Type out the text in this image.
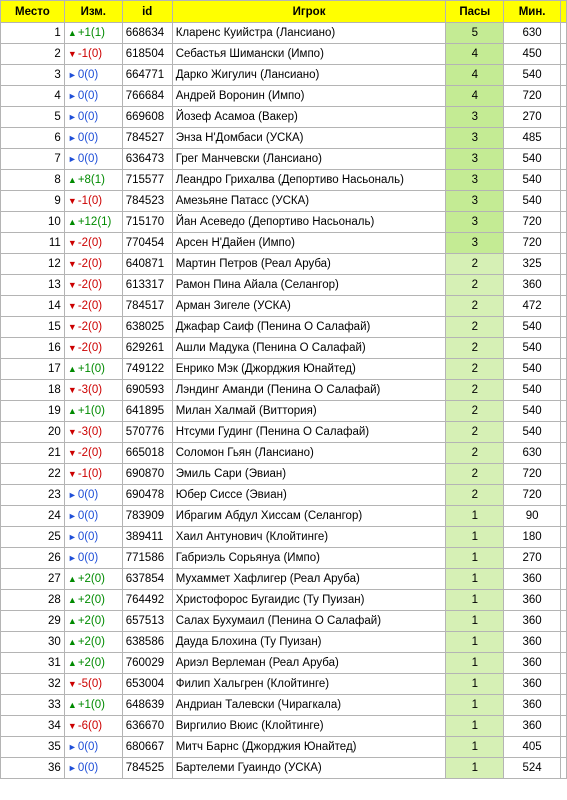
Место	Изм.	id	Игрок	Пасы	Мин.	
1	▲+1(1)	668634	Кларенс Куийстра (Лансиано)	5	630	
2	▼-1(0)	618504	Себастья Шимански (Импо)	4	450	
3	►0(0)	664771	Дарко Жигулич (Лансиано)	4	540	
4	►0(0)	766684	Андрей Воронин (Импо)	4	720	
5	►0(0)	669608	Йозеф Асамоа (Вакер)	3	270	
6	►0(0)	784527	Энза Н'Домбаси (УСКА)	3	485	
7	►0(0)	636473	Грег Манчевски (Лансиано)	3	540	
8	▲+8(1)	715577	Леандро Грихалва (Депортиво Насьональ)	3	540	
9	▼-1(0)	784523	Амезьяне Патасс (УСКА)	3	540	
10	▲+12(1)	715170	Йан Асеведо (Депортиво Насьональ)	3	720	
11	▼-2(0)	770454	Арсен Н'Дайен (Импо)	3	720	
12	▼-2(0)	640871	Мартин Петров (Реал Аруба)	2	325	
13	▼-2(0)	613317	Рамон Пина Айала (Селангор)	2	360	
14	▼-2(0)	784517	Арман Зигеле (УСКА)	2	472	
15	▼-2(0)	638025	Джафар Саиф (Пенина О Салафай)	2	540	
16	▼-2(0)	629261	Ашли Мадука (Пенина О Салафай)	2	540	
17	▲+1(0)	749122	Енрико Мэк (Джорджия Юнайтед)	2	540	
18	▼-3(0)	690593	Лэндинг Аманди (Пенина О Салафай)	2	540	
19	▲+1(0)	641895	Милан Халмай (Виттория)	2	540	
20	▼-3(0)	570776	Нтсуми Гудинг (Пенина О Салафай)	2	540	
21	▼-2(0)	665018	Соломон Гьян (Лансиано)	2	630	
22	▼-1(0)	690870	Эмиль Сари (Эвиан)	2	720	
23	►0(0)	690478	Юбер Сиссе (Эвиан)	2	720	
24	►0(0)	783909	Ибрагим Абдул Хиссам (Селангор)	1	90	
25	►0(0)	389411	Хаил Антунович (Клойтинге)	1	180	
26	►0(0)	771586	Габриэль Сорьянуа (Импо)	1	270	
27	▲+2(0)	637854	Мухаммет Хафлигер (Реал Аруба)	1	360	
28	▲+2(0)	764492	Христофорос Бугаидис (Ту Пуизан)	1	360	
29	▲+2(0)	657513	Салах Бухумаил (Пенина О Салафай)	1	360	
30	▲+2(0)	638586	Дауда Блохина (Ту Пуизан)	1	360	
31	▲+2(0)	760029	Ариэл Верлеман (Реал Аруба)	1	360	
32	▼-5(0)	653004	Филип Хальгрен (Клойтинге)	1	360	
33	▲+1(0)	648639	Андриан Талевски (Чирагкала)	1	360	
34	▼-6(0)	636670	Виргилио Вюис (Клойтинге)	1	360	
35	►0(0)	680667	Митч Барнс (Джорджия Юнайтед)	1	405	
36	►0(0)	784525	Бартелеми Гуаиндо (УСКА)	1	524	
